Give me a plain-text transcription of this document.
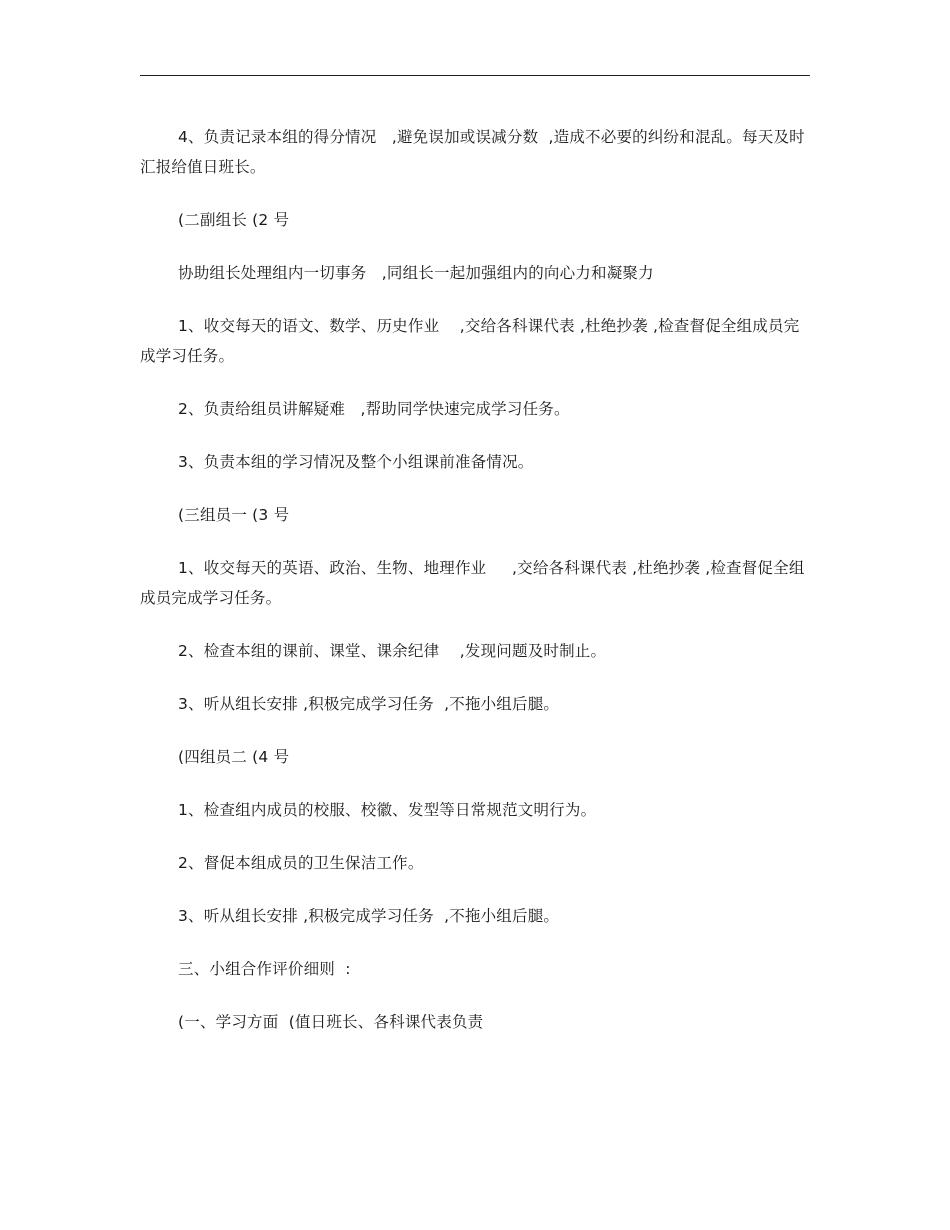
4、负责记录本组的得分情况   ,避免误加或误减分数  ,造成不必要的纠纷和混乱。每天及时汇报给值日班长。

(二副组长 (2 号

协助组长处理组内一切事务   ,同组长一起加强组内的向心力和凝聚力

1、收交每天的语文、数学、历史作业    ,交给各科课代表 ,杜绝抄袭 ,检查督促全组成员完成学习任务。

2、负责给组员讲解疑难   ,帮助同学快速完成学习任务。

3、负责本组的学习情况及整个小组课前准备情况。

(三组员一 (3 号

1、收交每天的英语、政治、生物、地理作业     ,交给各科课代表 ,杜绝抄袭 ,检查督促全组成员完成学习任务。

2、检查本组的课前、课堂、课余纪律    ,发现问题及时制止。

3、听从组长安排 ,积极完成学习任务  ,不拖小组后腿。

(四组员二 (4 号

1、检查组内成员的校服、校徽、发型等日常规范文明行为。

2、督促本组成员的卫生保洁工作。

3、听从组长安排 ,积极完成学习任务  ,不拖小组后腿。

三、小组合作评价细则  :

(一、学习方面  (值日班长、各科课代表负责
